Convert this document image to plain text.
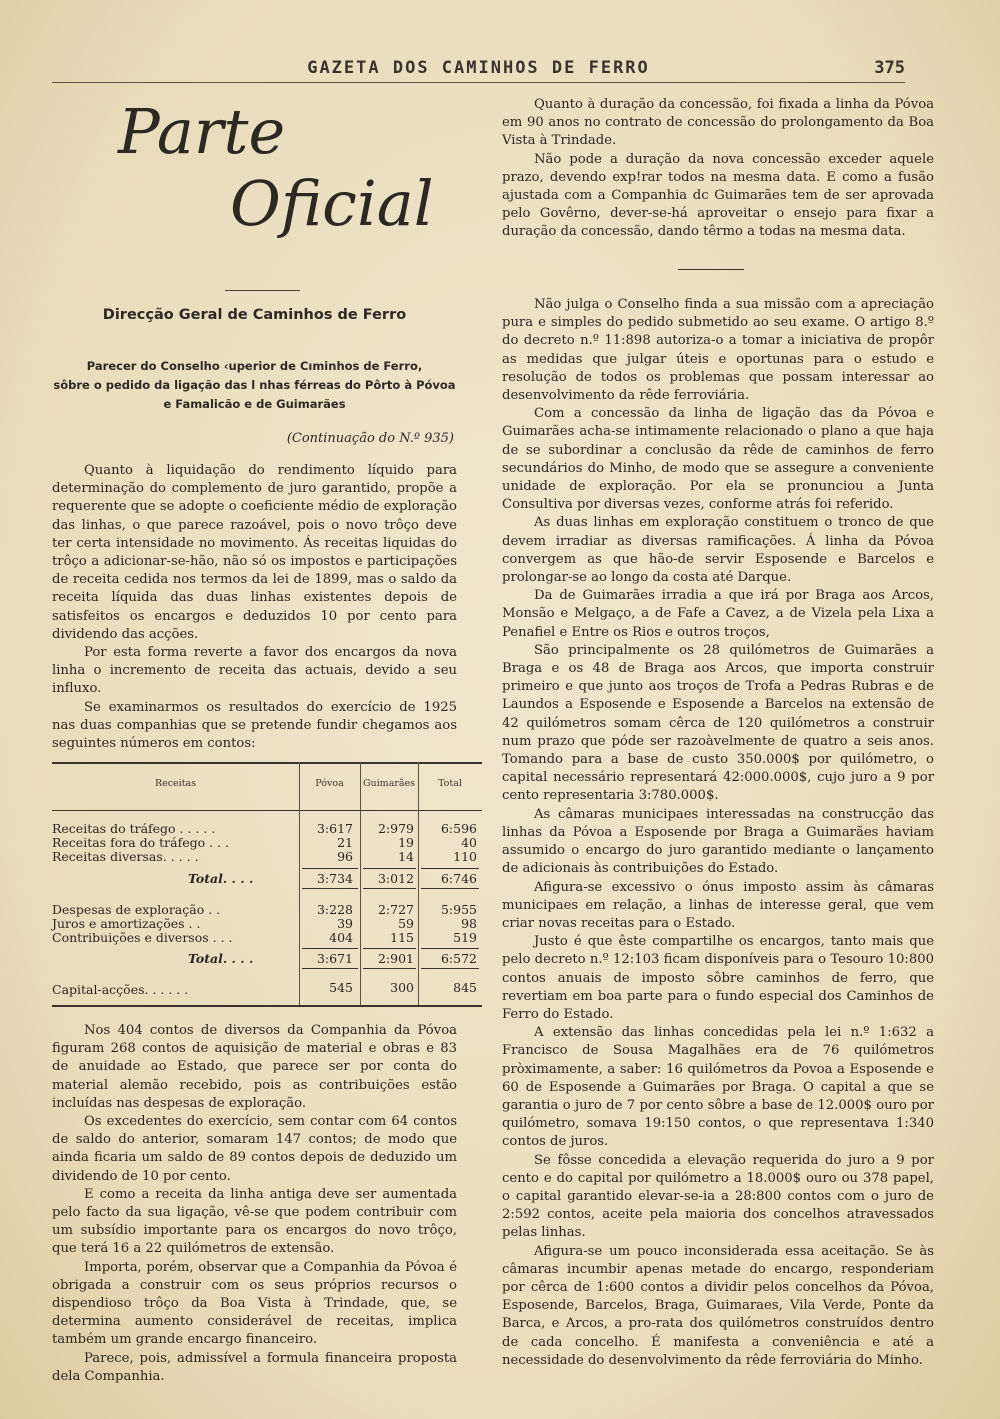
GAZETA DOS CAMINHOS DE FERRO	375
Parte
Oficial
Direcção Geral de Caminhos de Ferro
Parecer do Conselho ‹uperior de Cıminhos de Ferro,
sôbre o pedido da ligação das l nhas férreas do Pôrto à Póvoa
e Famalicão e de Guimarães
(Continuação do N.º 935)

Quanto à liquidação do rendimento líquido para determinação do complemento de juro garantido, propõe a requerente que se adopte o coeficiente médio de exploração das linhas, o que parece razoável, pois o novo trôço deve ter certa intensidade no movimento. Ás receitas liquidas do trôço a adicionar-se-hão, não só os impostos e participações de receita cedida nos termos da lei de 1899, mas o saldo da receita líquida das duas linhas existentes depois de satisfeitos os encargos e deduzidos 10 por cento para dividendo das acções.

Por esta forma reverte a favor dos encargos da nova linha o incremento de receita das actuais, devido a seu influxo.

Se examinarmos os resultados do exercício de 1925 nas duas companhias que se pretende fundir chegamos aos seguintes números em contos:

Receitas	Póvoa	Guimarães	Total
Receitas do tráfego . . . . .	3:617	2:979	6:596
Receitas fora do tráfego . . .	21	19	40
Receitas diversas. . . . .	96	14	110
Total. . . .	3:734	3:012	6:746
Despesas de exploração . .	3:228	2:727	5:955
Juros e amortizações . .	39	59	98
Contribuições e diversos . . .	404	115	519
Total. . . .	3:671	2:901	6:572
Capital-acções. . . . . .	545	300	845

Nos 404 contos de diversos da Companhia da Póvoa figuram 268 contos de aquisição de material e obras e 83 de anuidade ao Estado, que parece ser por conta do material alemão recebido, pois as contribuições estão incluídas nas despesas de exploração.

Os excedentes do exercício, sem contar com 64 contos de saldo do anterior, somaram 147 contos; de modo que ainda ficaria um saldo de 89 contos depois de deduzido um dividendo de 10 por cento.

E como a receita da linha antiga deve ser aumentada pelo facto da sua ligação, vê-se que podem contribuir com um subsídio importante para os encargos do novo trôço, que terá 16 a 22 quilómetros de extensão.

Importa, porém, observar que a Companhia da Póvoa é obrigada a construir com os seus próprios recursos o dispendioso trôço da Boa Vista à Trindade, que, se determina aumento considerável de receitas, implica também um grande encargo financeiro.

Parece, pois, admissível a formula financeira proposta dela Companhia.

Quanto à duração da concessão, foi fixada a linha da Póvoa em 90 anos no contrato de concessão do prolongamento da Boa Vista à Trindade.

Não pode a duração da nova concessão exceder aquele prazo, devendo exp!rar todos na mesma data. E como a fusão ajustada com a Companhia dc Guimarães tem de ser aprovada pelo Govêrno, dever-se-há aproveitar o ensejo para fixar a duração da concessão, dando têrmo a todas na mesma data.

Não julga o Conselho finda a sua missão com a apreciação pura e simples do pedido submetido ao seu exame. O artigo 8.º do decreto n.º 11:898 autoriza-o a tomar a iniciativa de propôr as medidas que julgar úteis e oportunas para o estudo e resolução de todos os problemas que possam interessar ao desenvolvimento da rêde ferroviária.

Com a concessão da linha de ligação das da Póvoa e Guimarães acha-se intimamente relacionado o plano a que haja de se subordinar a conclusão da rêde de caminhos de ferro secundários do Minho, de modo que se assegure a conveniente unidade de exploração. Por ela se pronunciou a Junta Consultiva por diversas vezes, conforme atrás foi referido.

As duas linhas em exploração constituem o tronco de que devem irradiar as diversas ramificações. Á linha da Póvoa convergem as que hão-de servir Esposende e Barcelos e prolongar-se ao longo da costa até Darque.

Da de Guimarães irradia a que irá por Braga aos Arcos, Monsão e Melgaço, a de Fafe a Cavez, a de Vizela pela Lixa a Penafiel e Entre os Rios e outros troços,

São principalmente os 28 quilómetros de Guimarães a Braga e os 48 de Braga aos Arcos, que importa construir primeiro e que junto aos troços de Trofa a Pedras Rubras e de Laundos a Esposende e Esposende a Barcelos na extensão de 42 quilómetros somam cêrca de 120 quilómetros a construir num prazo que póde ser razoàvelmente de quatro a seis anos. Tomando para a base de custo 350.000$ por quilómetro, o capital necessário representará 42:000.000$, cujo juro a 9 por cento representaria 3:780.000$.

As câmaras municipaes interessadas na construcção das linhas da Póvoa a Esposende por Braga a Guimarães haviam assumido o encargo do juro garantido mediante o lançamento de adicionais às contribuições do Estado.

Afigura-se excessivo o ónus imposto assim às câmaras municipaes em relação, a linhas de interesse geral, que vem criar novas receitas para o Estado.

Justo é que êste compartilhe os encargos, tanto mais que pelo decreto n.º 12:103 ficam disponíveis para o Tesouro 10:800 contos anuais de imposto sôbre caminhos de ferro, que revertiam em boa parte para o fundo especial dos Caminhos de Ferro do Estado.

A extensão das linhas concedidas pela lei n.º 1:632 a Francisco de Sousa Magalhães era de 76 quilómetros pròximamente, a saber: 16 quilómetros da Povoa a Esposende e 60 de Esposende a Guimarães por Braga. O capital a que se garantia o juro de 7 por cento sôbre a base de 12.000$ ouro por quilómetro, somava 19:150 contos, o que representava 1:340 contos de juros.

Se fôsse concedida a elevação requerida do juro a 9 por cento e do capital por quilómetro a 18.000$ ouro ou 378 papel, o capital garantido elevar-se-ia a 28:800 contos com o juro de 2:592 contos, aceite pela maioria dos concelhos atravessados pelas linhas.

Afigura-se um pouco inconsiderada essa aceitação. Se às câmaras incumbir apenas metade do encargo, responderiam por cêrca de 1:600 contos a dividir pelos concelhos da Póvoa, Esposende, Barcelos, Braga, Guimaraes, Vila Verde, Ponte da Barca, e Arcos, a pro-rata dos quilómetros construídos dentro de cada concelho. É manifesta a conveniência e até a necessidade do desenvolvimento da rêde ferroviária do Minho.
